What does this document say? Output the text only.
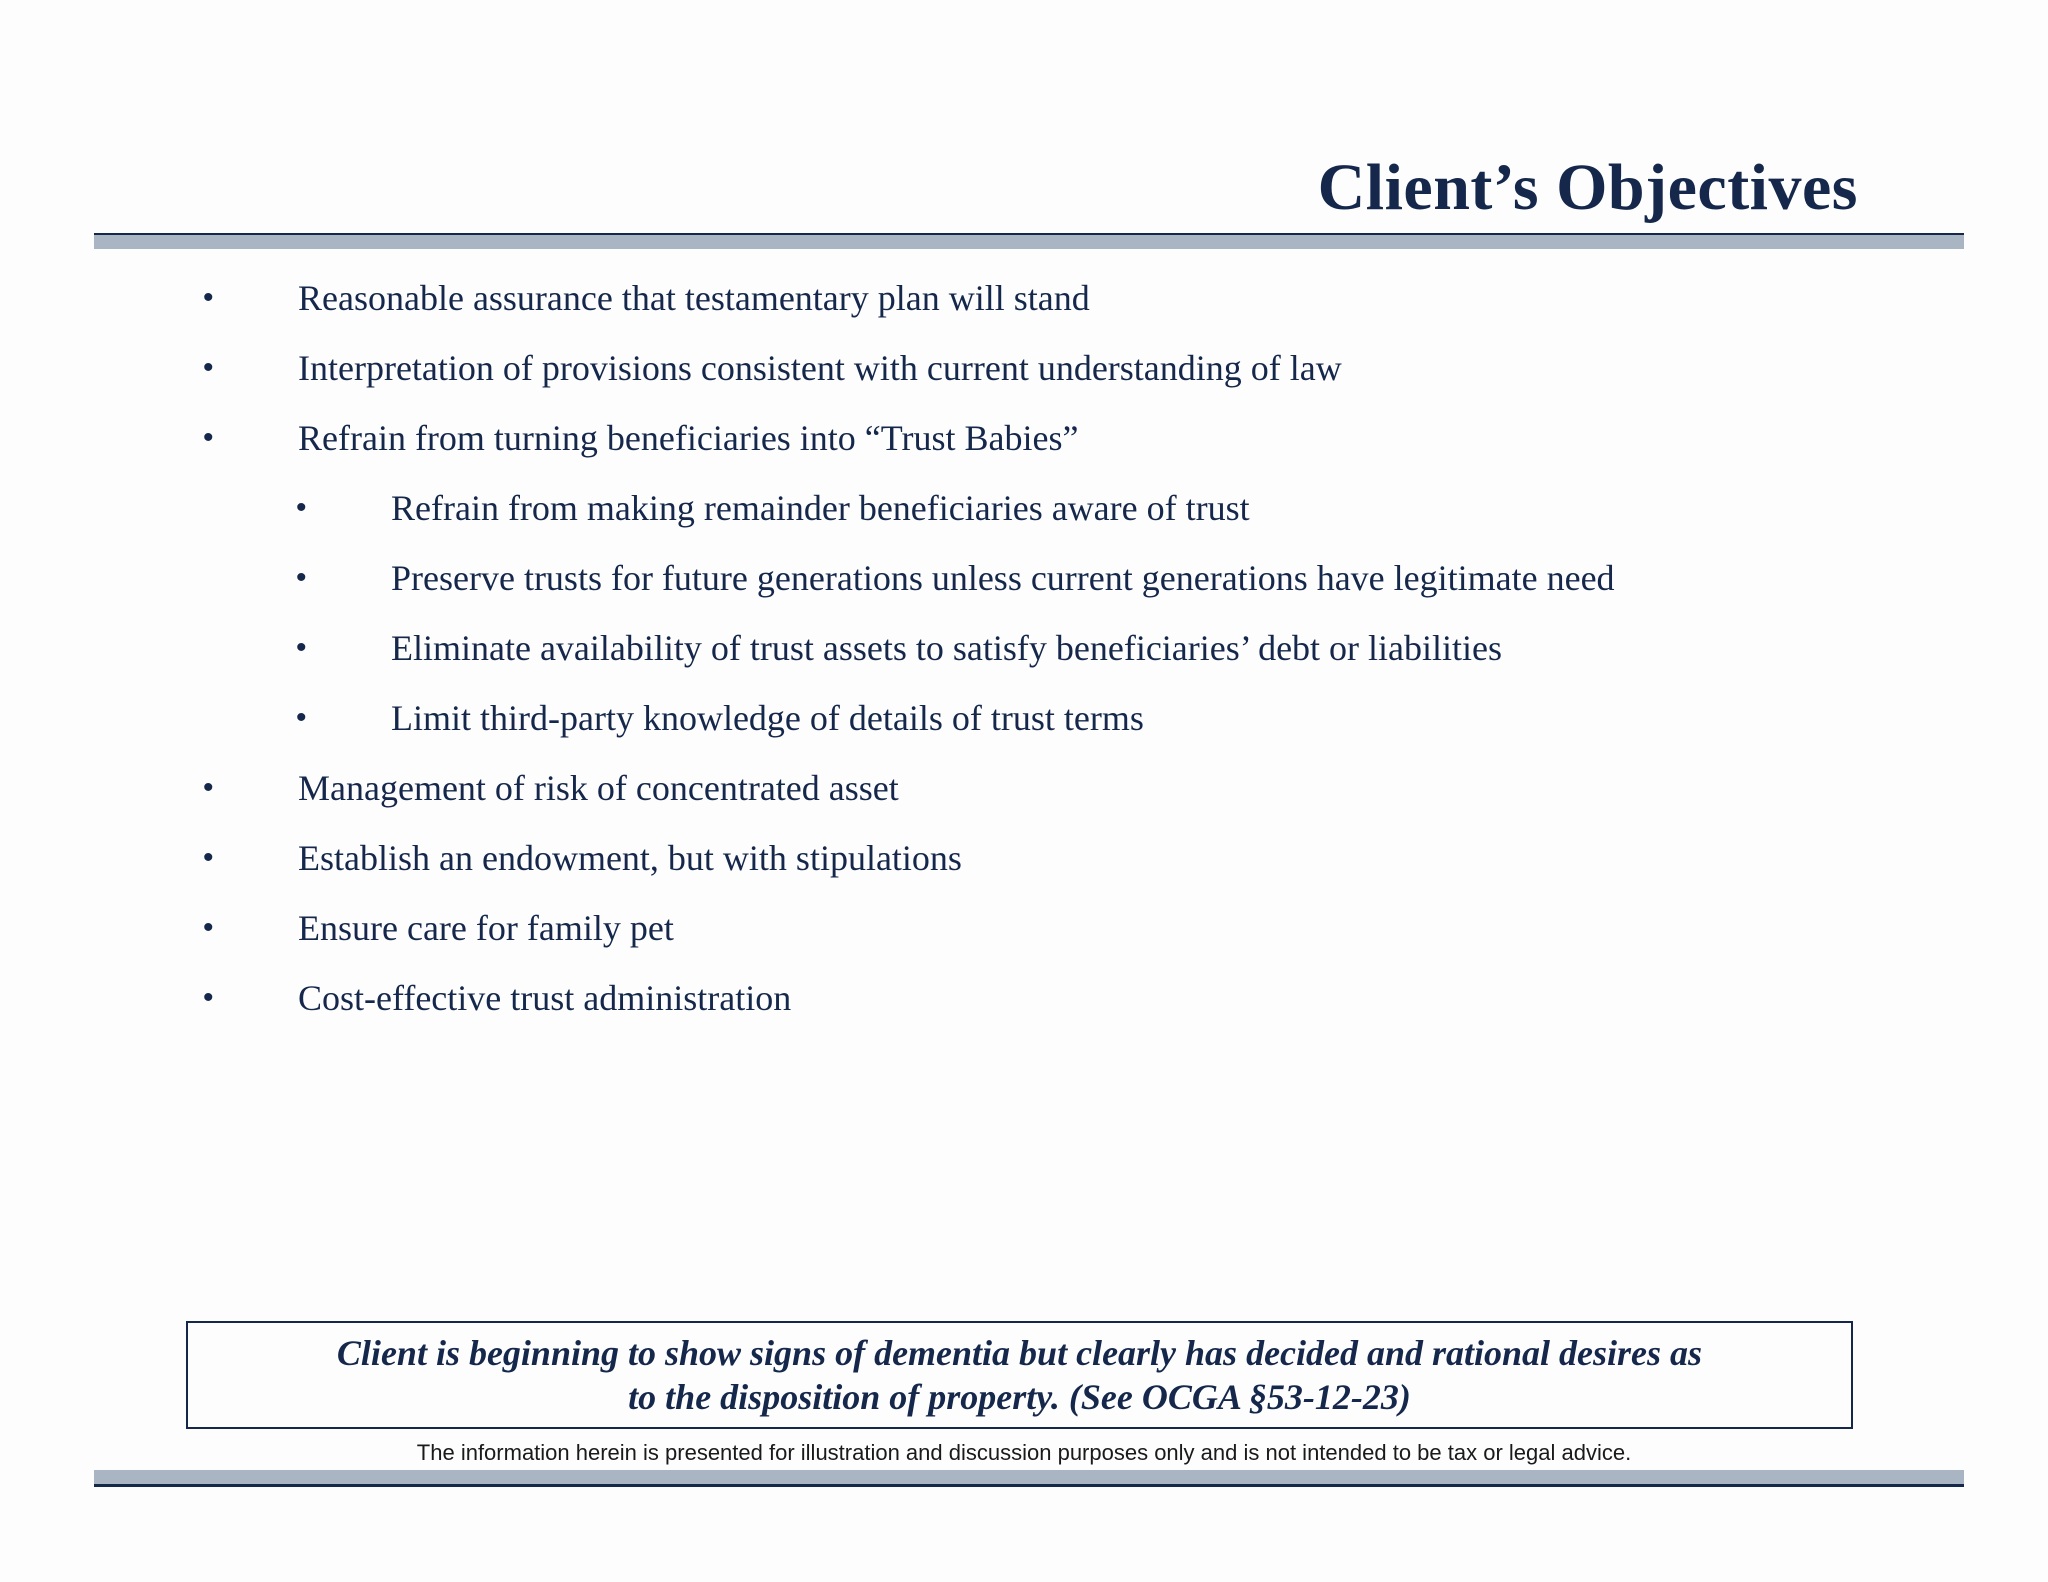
Client’s Objectives
• Reasonable assurance that testamentary plan will stand
• Interpretation of provisions consistent with current understanding of law
• Refrain from turning beneficiaries into “Trust Babies”
• Refrain from making remainder beneficiaries aware of trust
• Preserve trusts for future generations unless current generations have legitimate need
• Eliminate availability of trust assets to satisfy beneficiaries’ debt or liabilities
• Limit third-party knowledge of details of trust terms
• Management of risk of concentrated asset
• Establish an endowment, but with stipulations
• Ensure care for family pet
• Cost-effective trust administration
Client is beginning to show signs of dementia but clearly has decided and rational desires as
to the disposition of property. (See OCGA §53-12-23)
The information herein is presented for illustration and discussion purposes only and is not intended to be tax or legal advice.
